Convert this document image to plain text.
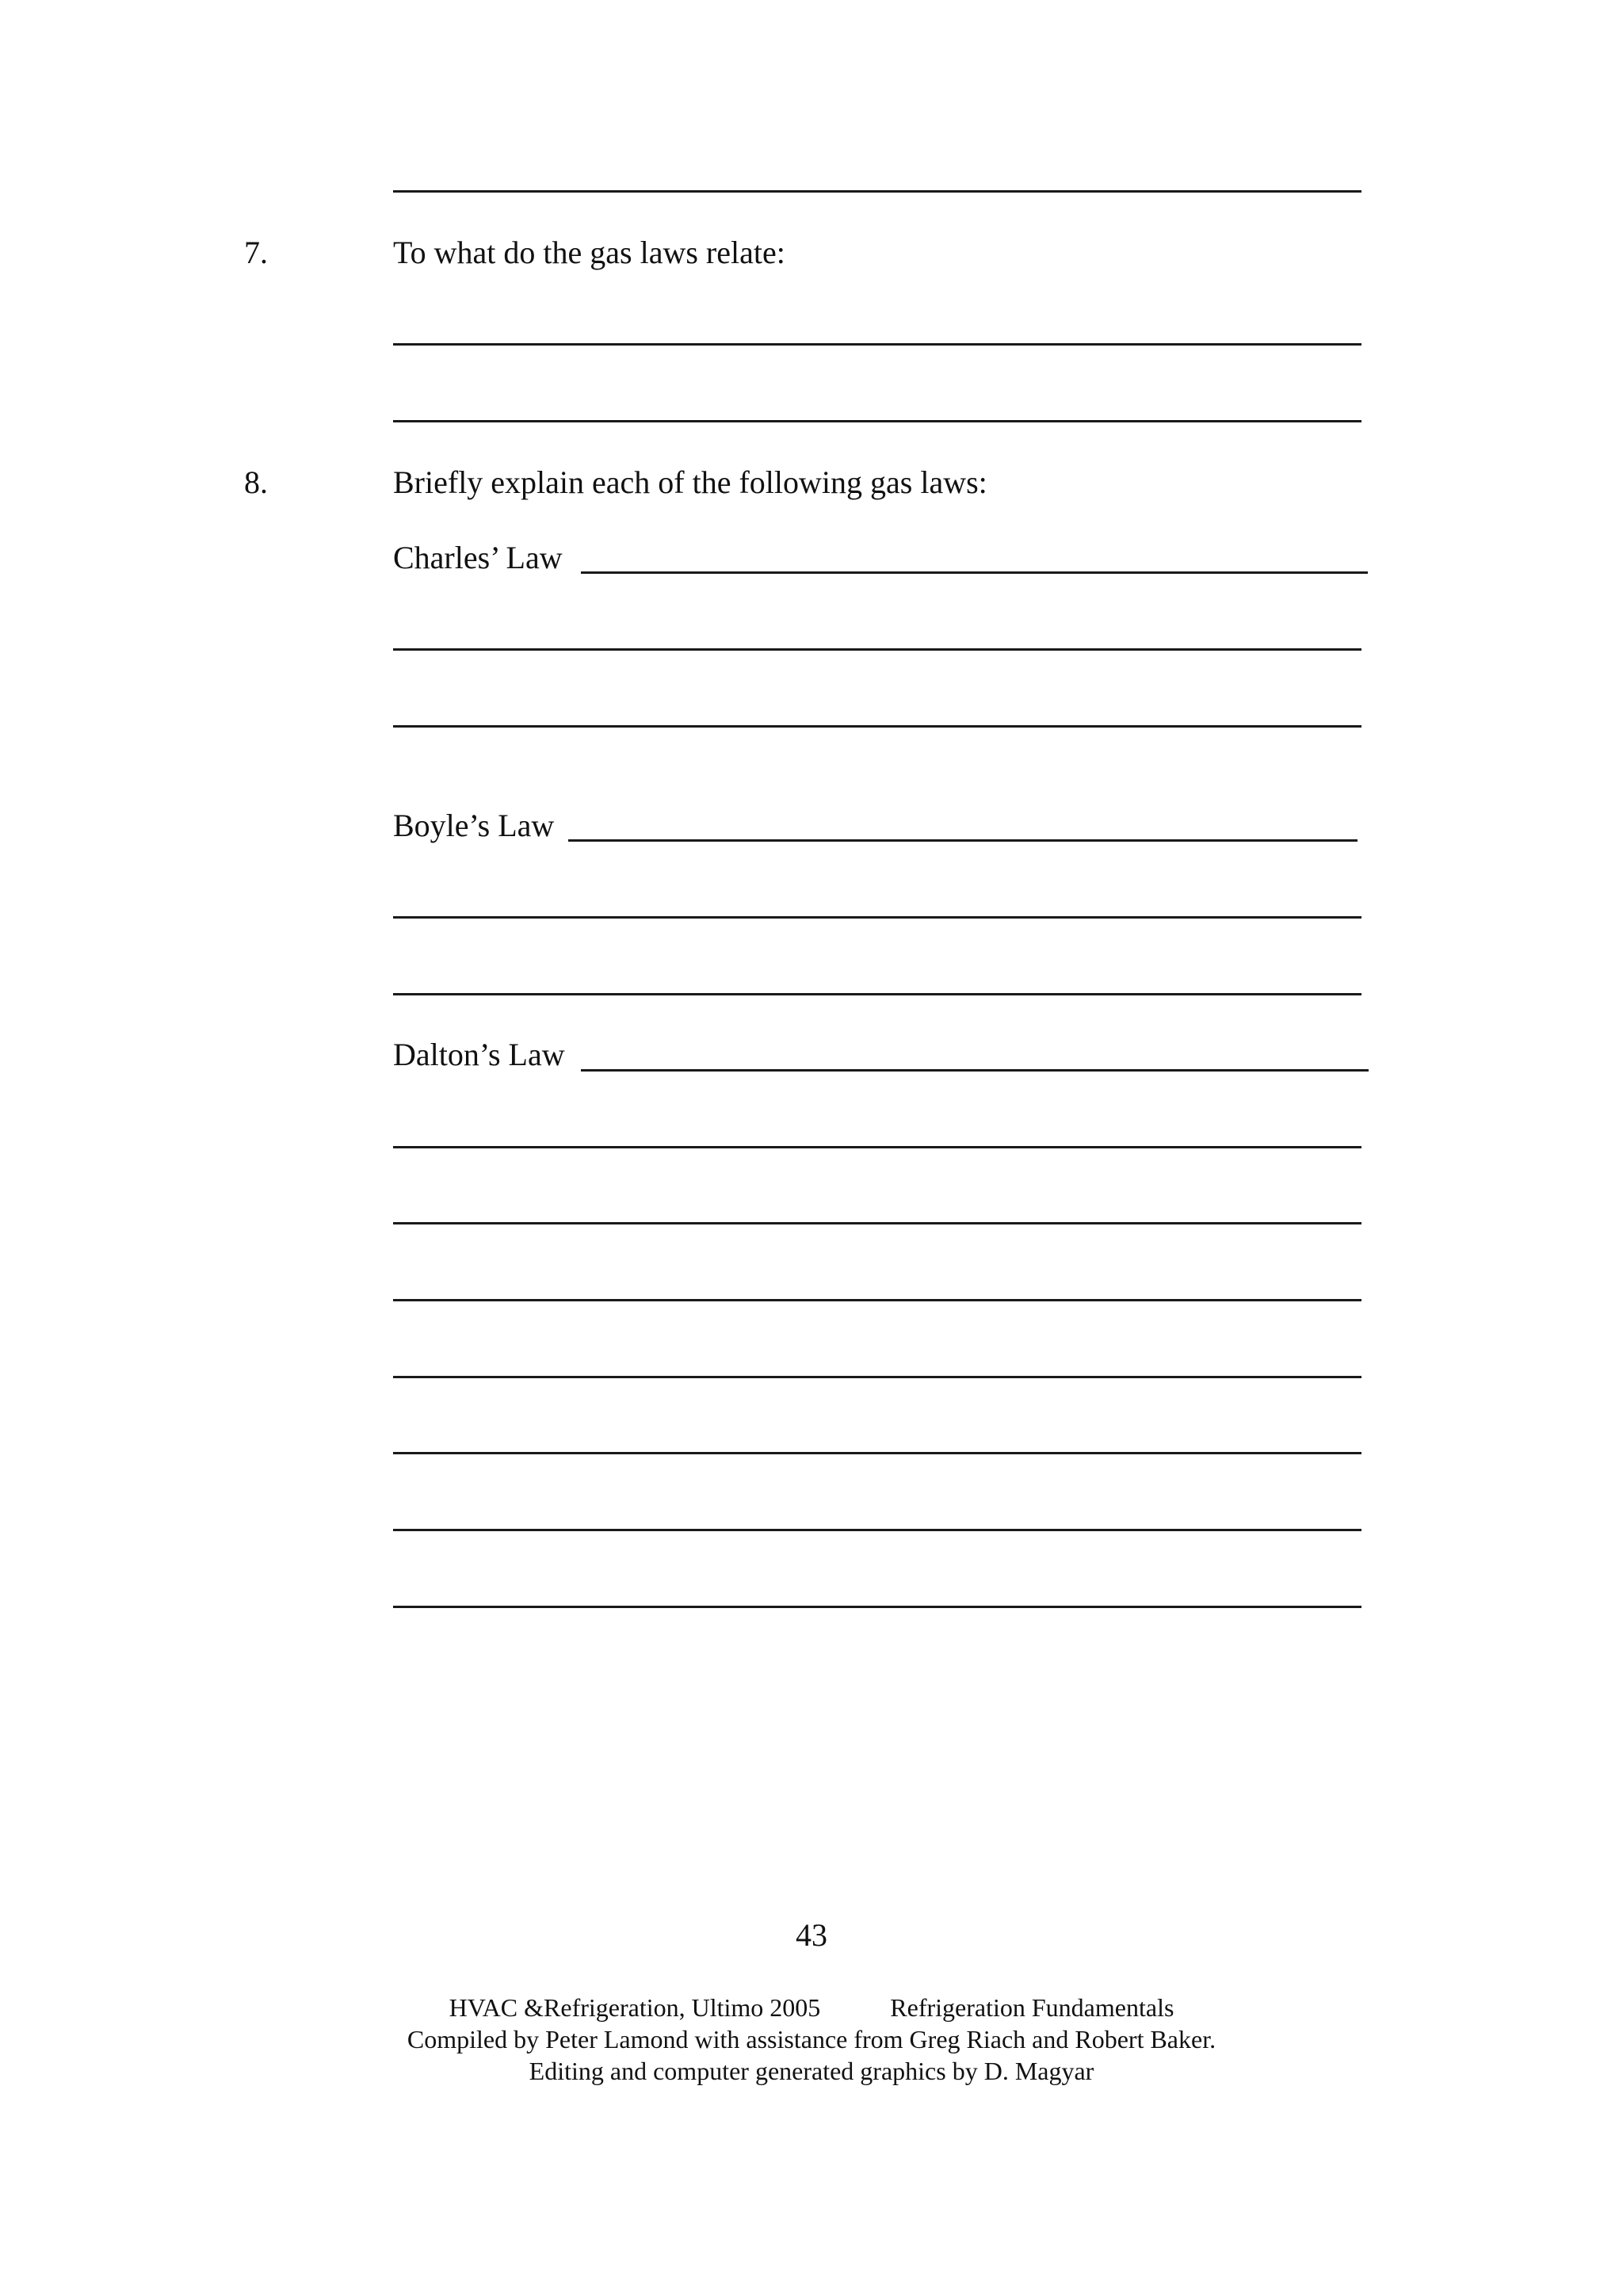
7.	To what do the gas laws relate:
8.	Briefly explain each of the following gas laws:
Charles’ Law
Boyle’s Law
Dalton’s Law
43
HVAC &Refrigeration, Ultimo 2005	Refrigeration Fundamentals
Compiled by Peter Lamond with assistance from Greg Riach and Robert Baker.
Editing and computer generated graphics by D. Magyar
